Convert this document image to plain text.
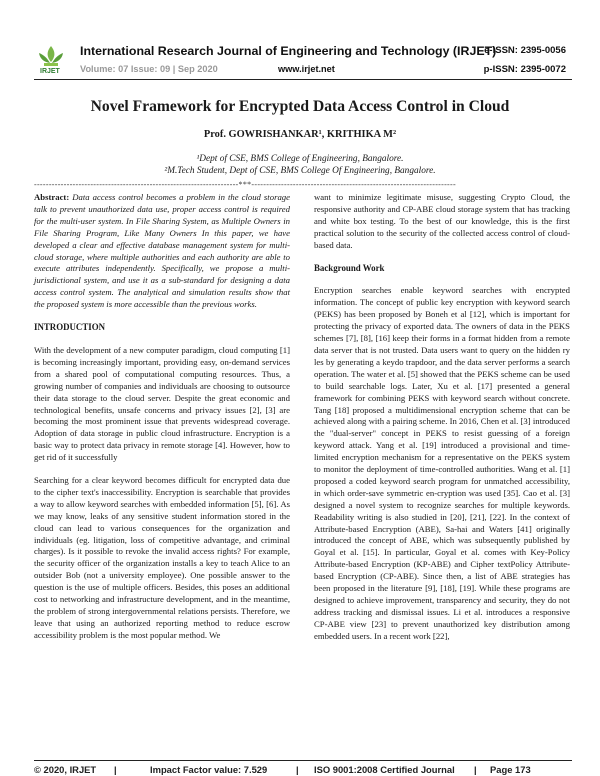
IRJET
International Research Journal of Engineering and Technology (IRJET)
e-ISSN: 2395-0056
Volume: 07 Issue: 09 | Sep 2020	www.irjet.net	p-ISSN: 2395-0072
Novel Framework for Encrypted Data Access Control in Cloud
Prof. GOWRISHANKAR¹, KRITHIKA M²
¹Dept of CSE, BMS College of Engineering, Bangalore.
²M.Tech Student, Dept of CSE, BMS College Of Engineering, Bangalore.
---------------------------------------------------------------------***---------------------------------------------------------------------

Abstract: Data access control becomes a problem in the cloud storage talk to prevent unauthorized data use, proper access control is required for the multi-user system. In File Sharing System, as Multiple Owners in File Sharing Program, Like Many Owners In this paper, we have developed a clear and effective database management system for multi-cloud storage, where multiple authorities and each authority are able to execute attributes independently. Specifically, we propose a multi-jurisdictional system, and use it as a sub-standard for designing a data access control system. The analytical and simulation results show that the proposed system is more accessible than the previous works.

INTRODUCTION

With the development of a new computer paradigm, cloud computing [1] is becoming increasingly important, providing easy, on-demand services from a shared pool of computational computing resources. Thus, a growing number of companies and individuals are choosing to outsource their data storage to the cloud server. Despite the great economic and technological benefits, unsafe concerns and privacy issues [2], [3] are becoming the most prominent issue that prevents widespread coverage. Adoption of data storage in public cloud infrastructure. Encryption is a basic way to protect data privacy in remote storage [4]. However, how to get rid of it successfully

Searching for a clear keyword becomes difficult for encrypted data due to the cipher text's inaccessibility. Encryption is searchable that provides a way to allow keyword searches with embedded information [5], [6]. As we may know, leaks of any sensitive student information stored in the cloud can lead to various consequences for the organization and individuals (eg. litigation, loss of competitive advantage, and criminal charges). Is it possible to revoke the invalid access rights? For example, the security officer of the organization installs a key to teach Alice to an outsider Bob (not a university employee). One possible answer to the question is the use of multiple officers. Besides, this poses an additional cost to networking and infrastructure development, and in the meantime, the problem of strong intergovernmental relations persists. Therefore, we leave that using an authorized reporting method to reduce escrow accessibility problem is the most popular method. We

want to minimize legitimate misuse, suggesting Crypto Cloud, the responsive authority and CP-ABE cloud storage system that has tracking and white box testing. To the best of our knowledge, this is the first practical solution to the security of the collected access control of cloud-based data.

Background Work

Encryption searches enable keyword searches with encrypted information. The concept of public key encryption with keyword search (PEKS) has been proposed by Boneh et al [12], which is important for protecting the privacy of exported data. The owners of data in the PEKS schemes [7], [8], [16] keep their forms in a format hidden from a remote data server that is not trusted. Data users want to query on the hidden ry les by generating a keydo trapdoor, and the data server performs a search operation. The water et al. [5] showed that the PEKS scheme can be used to build searchable logs. Later, Xu et al. [17] presented a general framework for combining PEKS with keyword search without concrete. Tang [18] proposed a multidimensional encryption scheme that can be achieved along with a pairing scheme. In 2016, Chen et al. [3] introduced the "dual-server" concept in PEKS to resist guessing of a foreign keyword attack. Yang et al. [19] introduced a provisional and time-limited encryption mechanism for a representative on the PEKS system to monitor the deployment of time-controlled authorities. Wang et al. [1] proposed a coded keyword search program for unmatched accessibility, in which order-save symmetric en-cryption was used [35]. Cao et al. [3] designed a novel system to recognize searches for multiple keywords. Readability writing is also studied in [20], [21], [22]. In the context of Attribute-based Encryption (ABE), Sa-hai and Waters [41] originally introduced the concept of ABE, which was subsequently published by Goyal et al. [15]. In particular, Goyal et al. comes with Key-Policy Attribute-based Encryption (KP-ABE) and Cipher textPolicy Attribute-based Encryption (CP-ABE). Since then, a list of ABE strategies has been proposed in the literature [9], [18], [19]. While these programs are designed to achieve improvement, transparency and security, they do not address tracking and dismissal issues. Li et al. introduces a responsive CP-ABE view [23] to prevent unauthorized key distribution among embedded users. In a recent work [22],

© 2020, IRJET |	Impact Factor value: 7.529	| ISO 9001:2008 Certified Journal | Page 173
